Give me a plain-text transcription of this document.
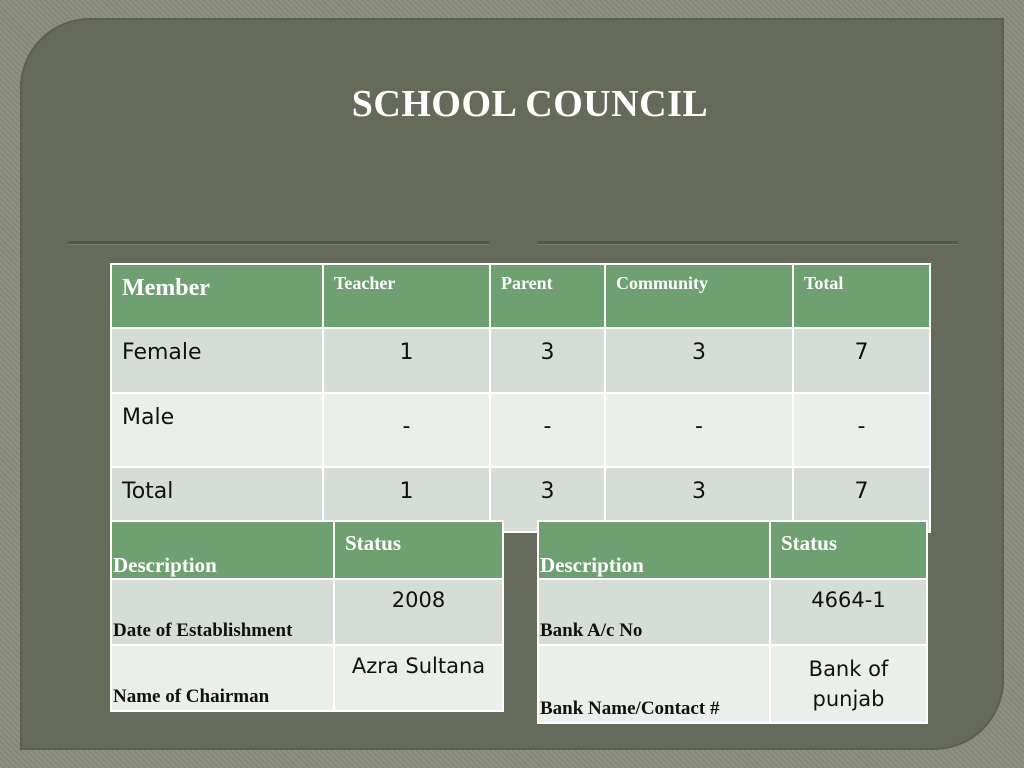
SCHOOL COUNCIL
Member	Teacher	Parent	Community	Total
Female	1	3	3	7
Male	-	-	-	-
Total	1	3	3	7
Description	Status
Date of Establishment	2008
Name of Chairman	Azra Sultana
Description	Status
Bank A/c No	4664-1
Bank Name/Contact #	Bank of punjab
